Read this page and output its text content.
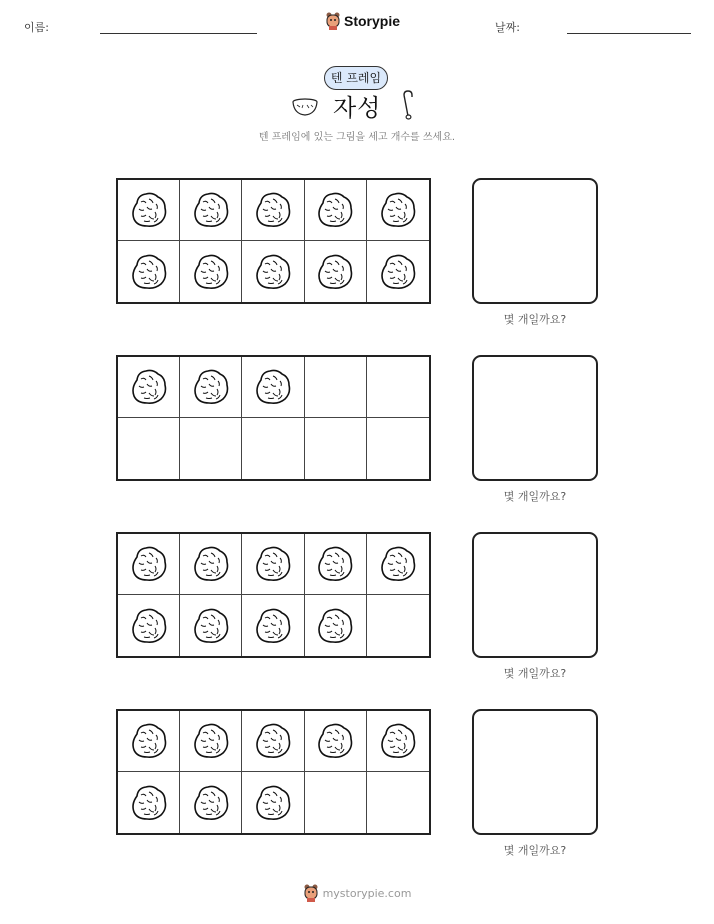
이름:	Storypie	날짜:
텐 프레임
자성
텐 프레임에 있는 그림을 세고 개수를 쓰세요.
몇 개일까요?
몇 개일까요?
몇 개일까요?
몇 개일까요?
mystorypie.com
